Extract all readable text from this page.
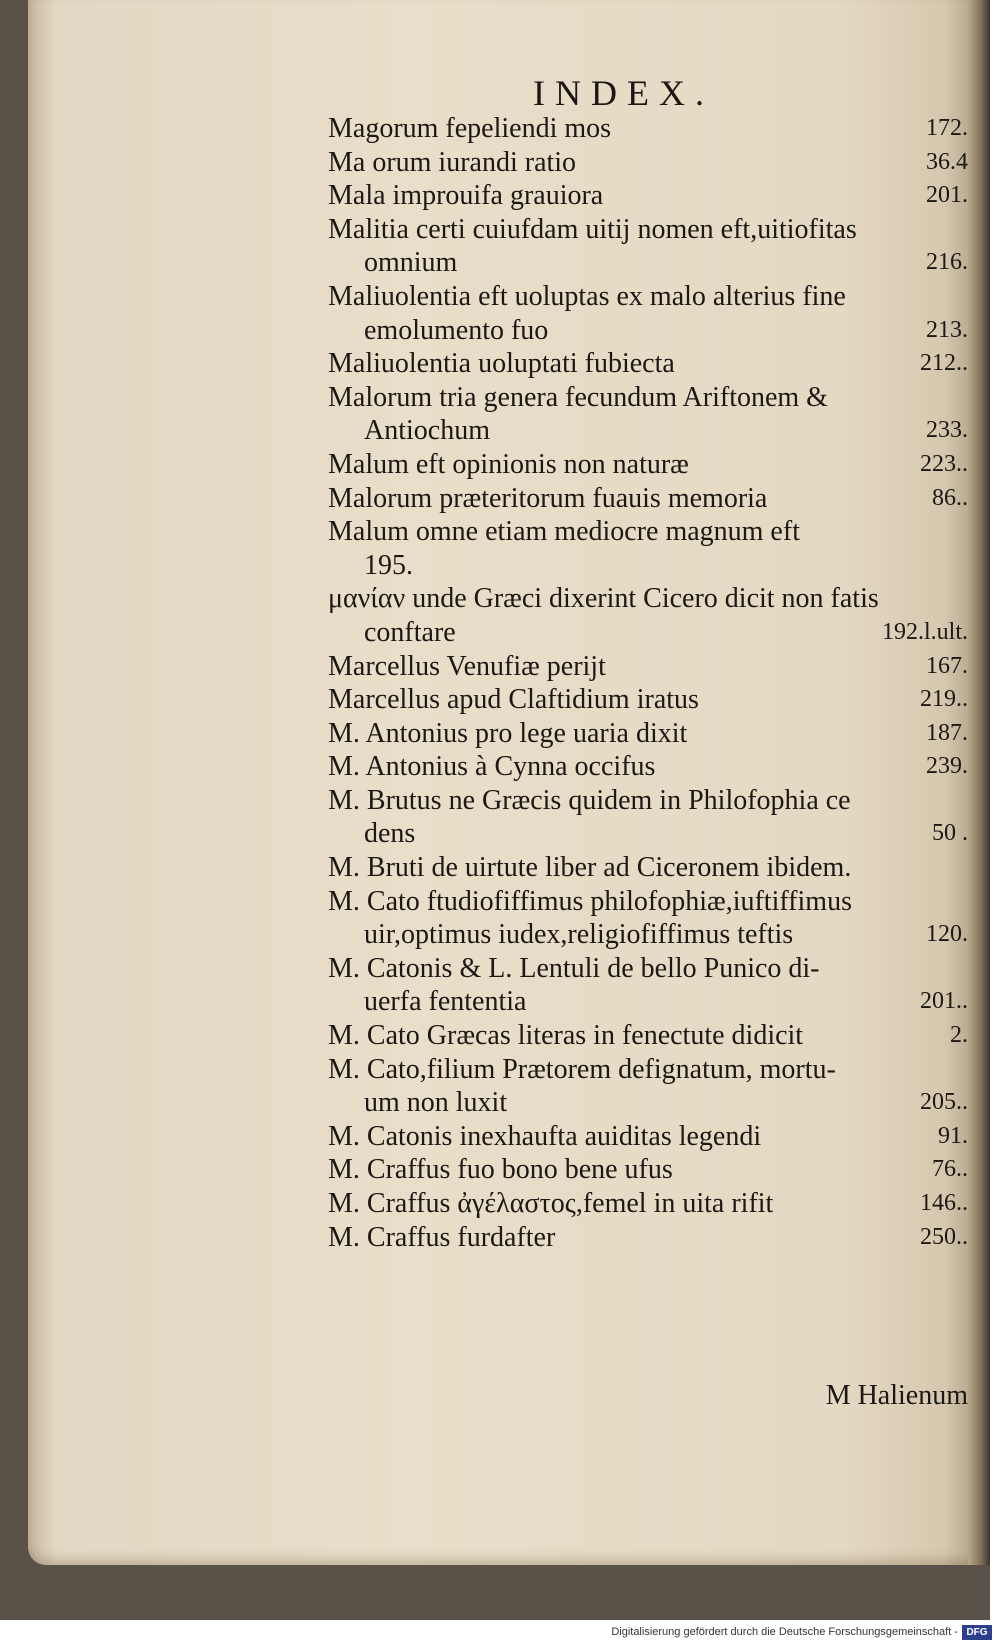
INDEX.
Magorum fepeliendi mos	172.
Ma orum iurandi ratio	36.4
Mala improuifa grauiora	201.
Malitia certi cuiufdam uitij nomen eft,uitiofitas
omnium	216.
Maliuolentia eft uoluptas ex malo alterius fine
emolumento fuo	213.
Maliuolentia uoluptati fubiecta	212..
Malorum tria genera fecundum Ariftonem &
Antiochum	233.
Malum eft opinionis non naturæ	223..
Malorum præteritorum fuauis memoria	86..
Malum omne etiam mediocre magnum eft
195.
μανίαν unde Græci dixerint Cicero dicit non fatis
conftare	192.l.ult.
Marcellus Venufiæ perijt	167.
Marcellus apud Claftidium iratus	219..
M. Antonius pro lege uaria dixit	187.
M. Antonius à Cynna occifus	239.
M. Brutus ne Græcis quidem in Philofophia ce
dens	50 .
M. Bruti de uirtute liber ad Ciceronem ibidem.
M. Cato ftudiofiffimus philofophiæ,iuftiffimus
uir,optimus iudex,religiofiffimus teftis	120.
M. Catonis & L. Lentuli de bello Punico di-
uerfa fententia	201..
M. Cato Græcas literas in fenectute didicit	2.
M. Cato,filium Prætorem defignatum, mortu-
um non luxit	205..
M. Catonis inexhaufta auiditas legendi	91.
M. Craffus fuo bono bene ufus	76..
M. Craffus ἀγέλαστος,femel in uita rifit	146..
M. Craffus furdafter	250..
M Halienum
Digitalisierung gefördert durch die Deutsche Forschungsgemeinschaft - DFG
